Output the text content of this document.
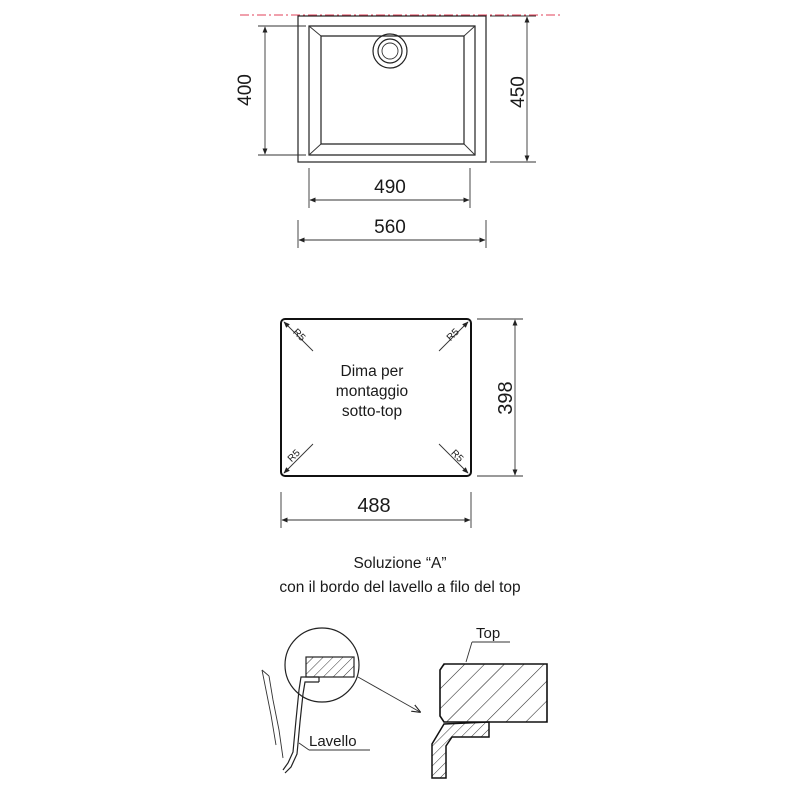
400	450
490
560
R5	R5
R5	R5
Dima per
montaggio
sotto-top	398
488
Soluzione “A”
con il bordo del lavello a filo del top
Lavello
Top
